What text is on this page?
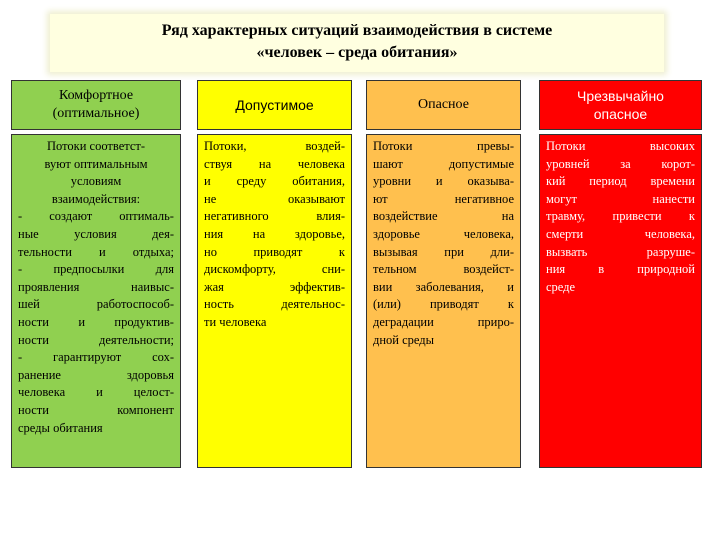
Ряд характерных ситуаций взаимодействия в системе
«человек – среда обитания»
Комфортное
(оптимальное)
Потоки соответст-
вуют оптимальным
условиям
взаимодействия:
- создают оптималь-
ные	условия	дея-
тельности и отдыха;
-	предпосылки	для
проявления	наивыс-
шей	работоспособ-
ности и продуктив-
ности	деятельности;
- гарантируют сох-
ранение	здоровья
человека и целост-
ности	компонент
среды обитания
Допустимое
Потоки,	воздей-
ствуя на человека
и среду обитания,
не	оказывают
негативного	влия-
ния на здоровье,
но	приводят	к
дискомфорту,	сни-
жая	эффектив-
ность	деятельнос-
ти человека
Опасное
Потоки	превы-
шают	допустимые
уровни и оказыва-
ют	негативное
воздействие	на
здоровье	человека,
вызывая при дли-
тельном	воздейст-
вии заболевания, и
(или) приводят к
деградации	приро-
дной среды
Чрезвычайно
опасное
Потоки	высоких
уровней за корот-
кий период времени
могут	нанести
травму, привести к
смерти	человека,
вызвать	разруше-
ния	в	природной
среде
